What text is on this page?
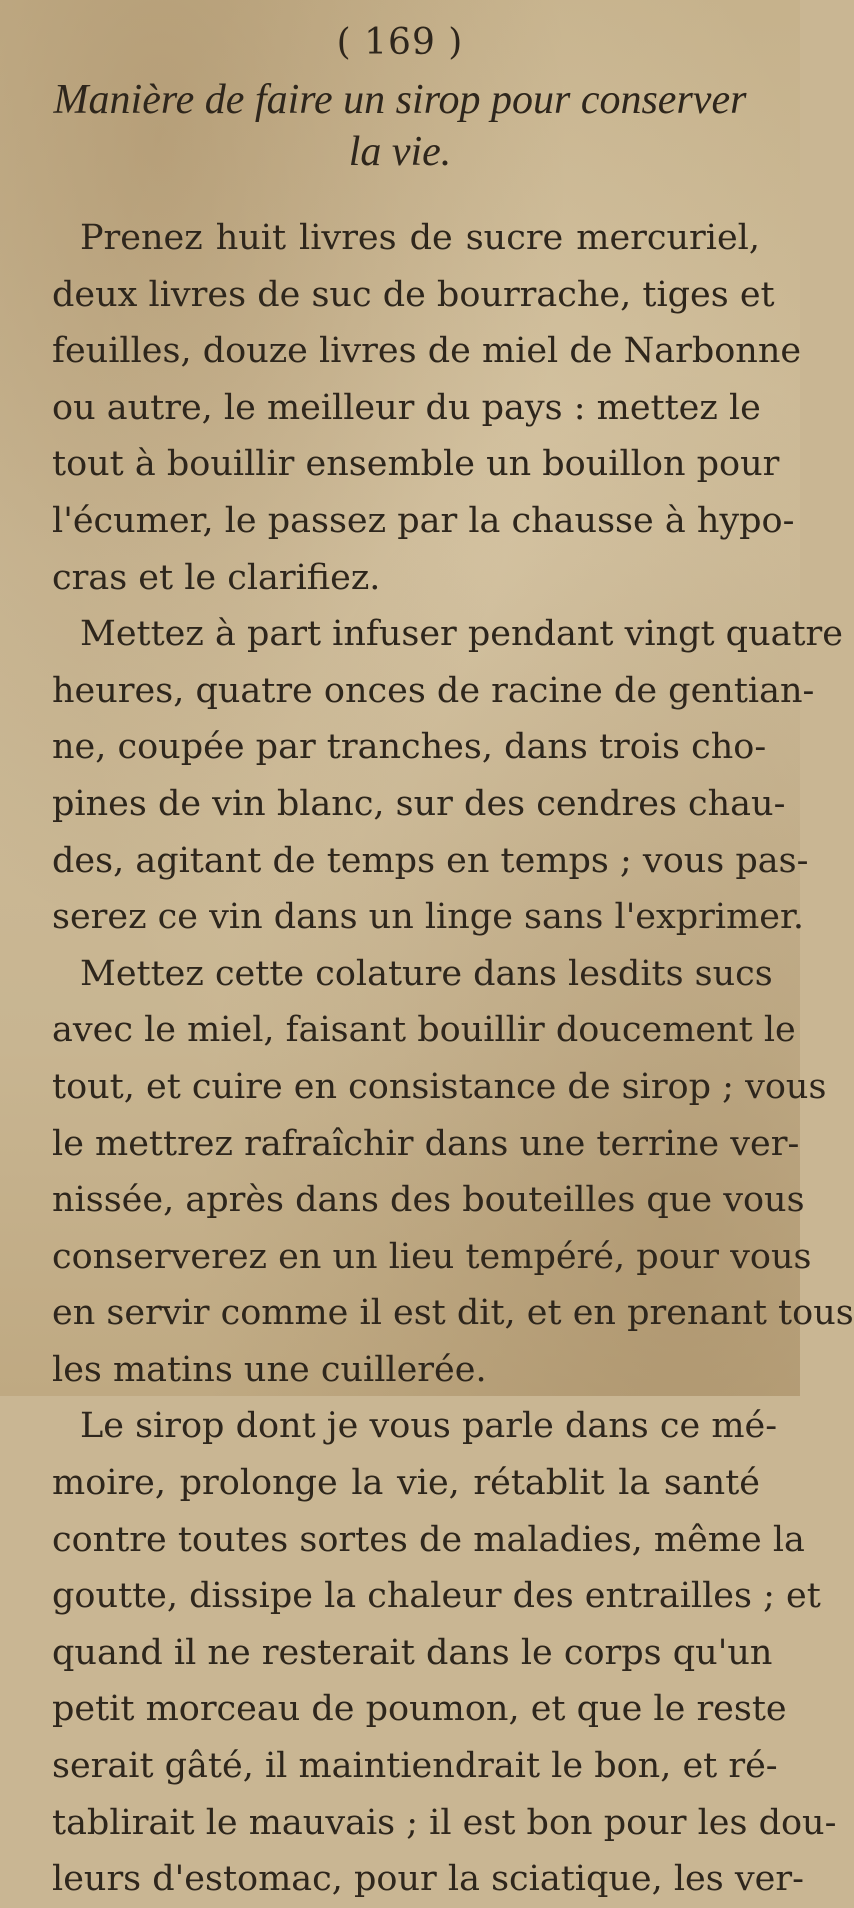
( 169 )
Manière de faire un sirop pour conserver
la vie.
Prenez huit livres de sucre mercuriel,
deux livres de suc de bourrache, tiges et
feuilles, douze livres de miel de Narbonne
ou autre, le meilleur du pays : mettez le
tout à bouillir ensemble un bouillon pour
l'écumer, le passez par la chausse à hypo-
cras et le clarifiez.
Mettez à part infuser pendant vingt quatre
heures, quatre onces de racine de gentian-
ne, coupée par tranches, dans trois cho-
pines de vin blanc, sur des cendres chau-
des, agitant de temps en temps ; vous pas-
serez ce vin dans un linge sans l'exprimer.
Mettez cette colature dans lesdits sucs
avec le miel, faisant bouillir doucement le
tout, et cuire en consistance de sirop ; vous
le mettrez rafraîchir dans une terrine ver-
nissée, après dans des bouteilles que vous
conserverez en un lieu tempéré, pour vous
en servir comme il est dit, et en prenant tous
les matins une cuillerée.
Le sirop dont je vous parle dans ce mé-
moire, prolonge la vie, rétablit la santé
contre toutes sortes de maladies, même la
goutte, dissipe la chaleur des entrailles ; et
quand il ne resterait dans le corps qu'un
petit morceau de poumon, et que le reste
serait gâté, il maintiendrait le bon, et ré-
tablirait le mauvais ; il est bon pour les dou-
leurs d'estomac, pour la sciatique, les ver-
